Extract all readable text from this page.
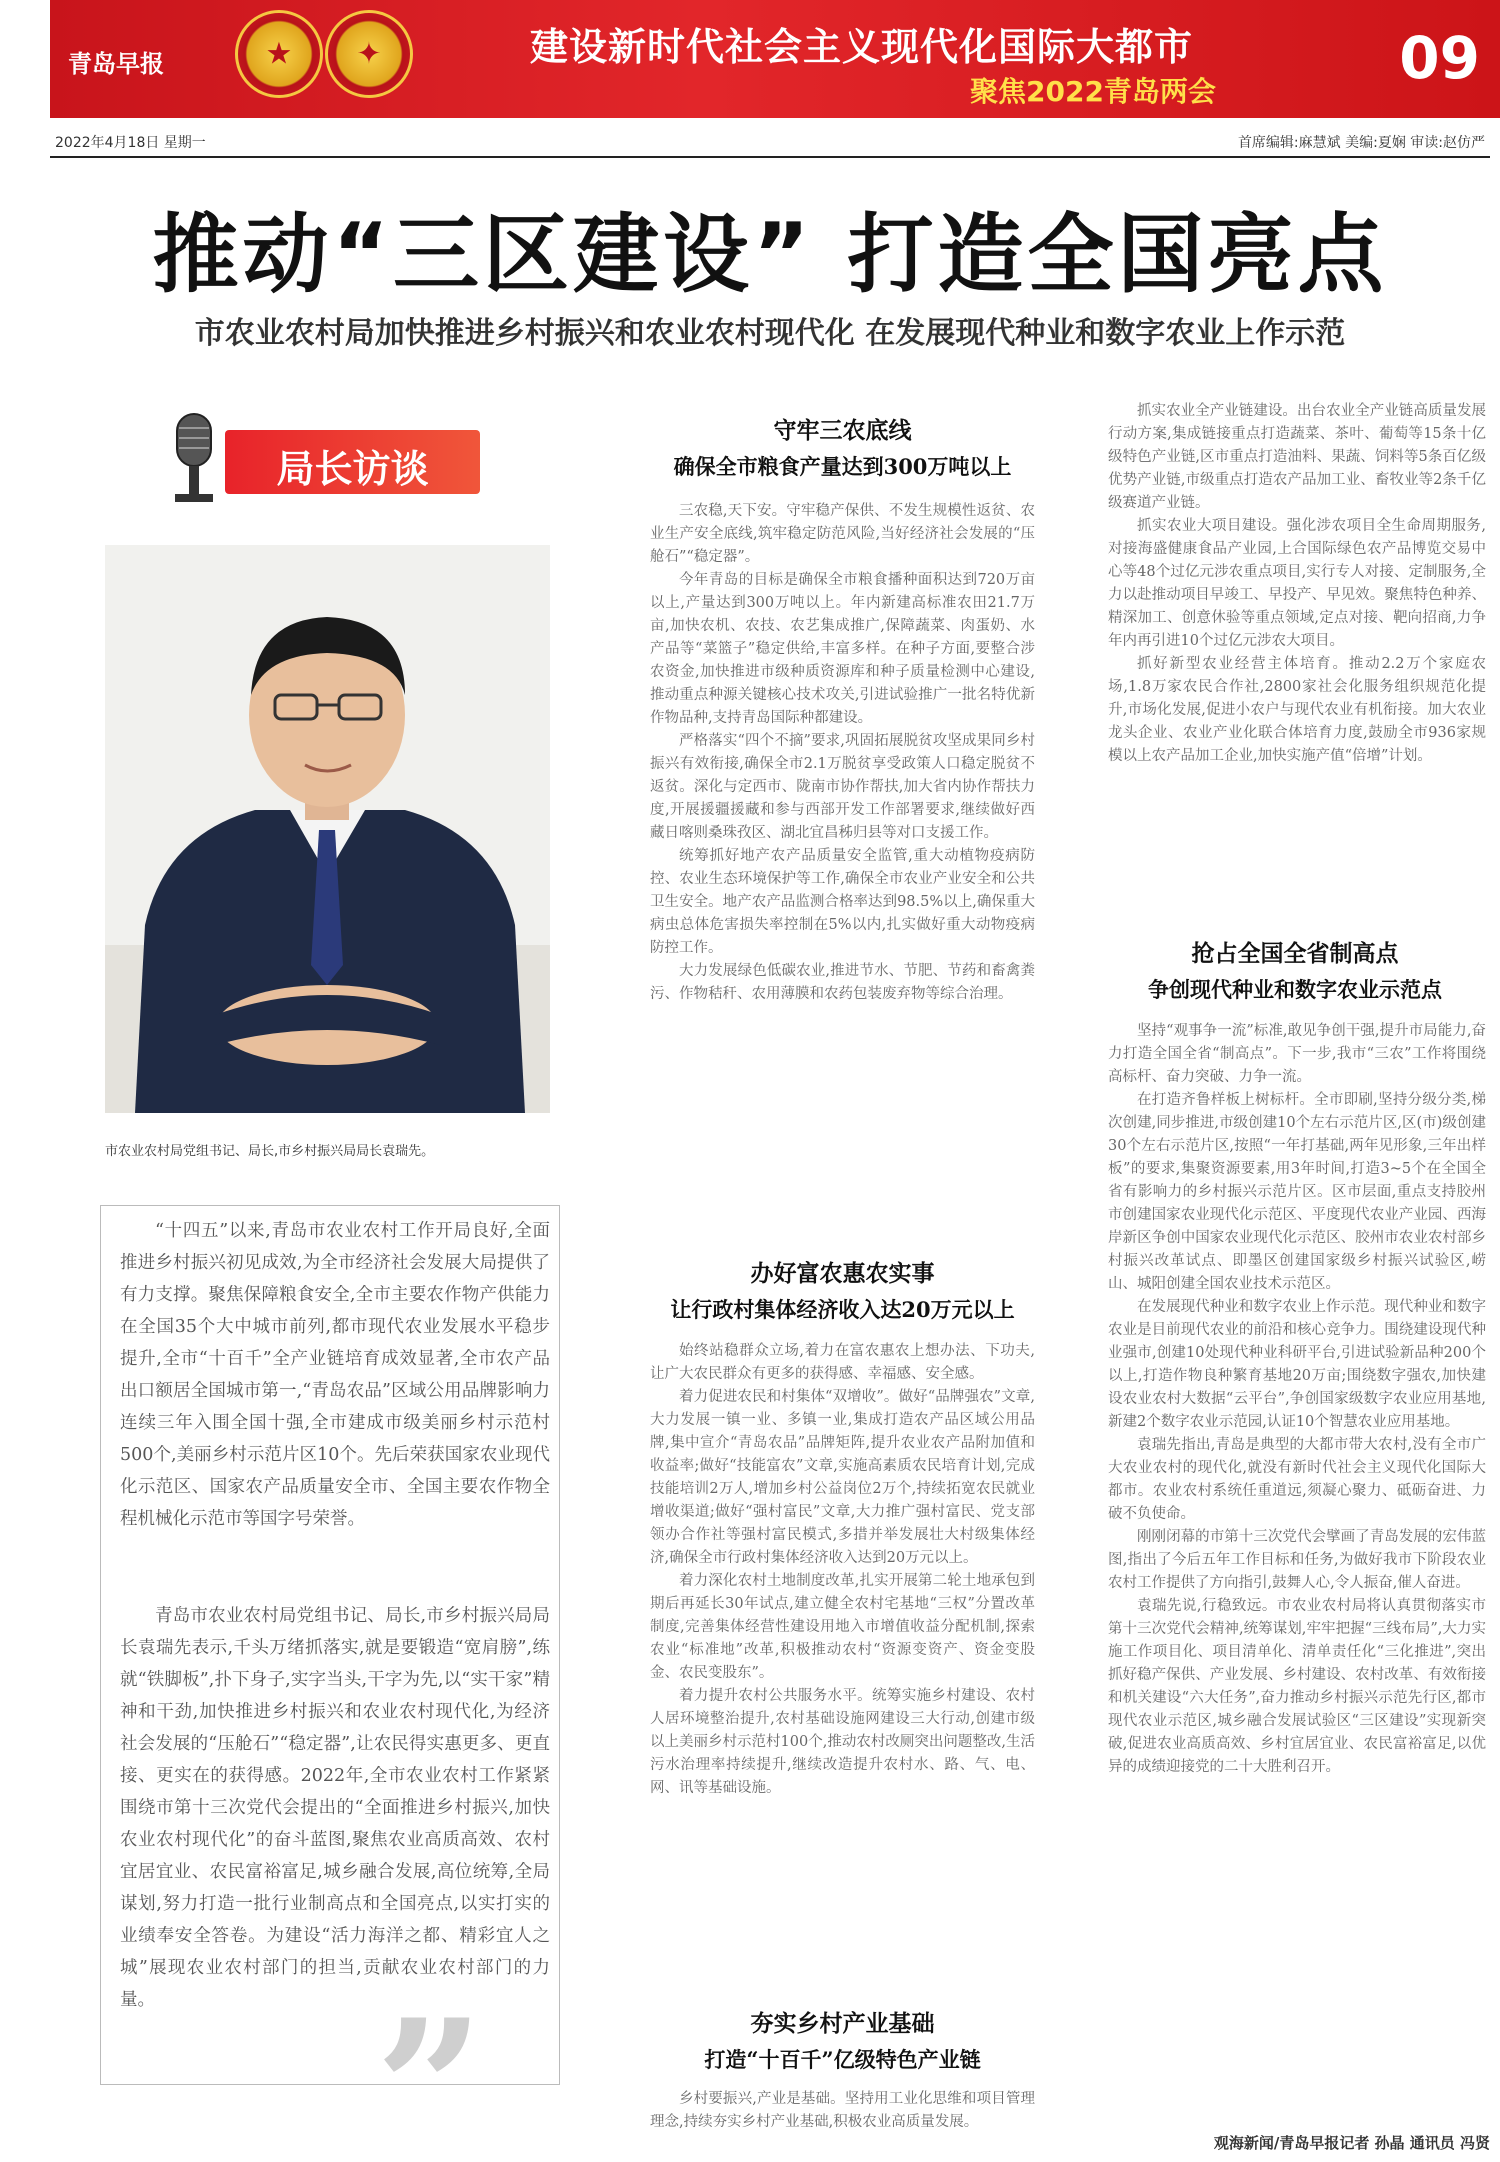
青岛早报	★ ✦	建设新时代社会主义现代化国际大都市
聚焦2022青岛两会	09
2022年4月18日 星期一	首席编辑:麻慧斌 美编:夏娴 审读:赵仿严
推动“三区建设” 打造全国亮点
市农业农村局加快推进乡村振兴和农业农村现代化 在发展现代种业和数字农业上作示范
局长访谈
市农业农村局党组书记、局长,市乡村振兴局局长袁瑞先。

“十四五”以来,青岛市农业农村工作开局良好,全面推进乡村振兴初见成效,为全市经济社会发展大局提供了有力支撑。聚焦保障粮食安全,全市主要农作物产供能力在全国35个大中城市前列,都市现代农业发展水平稳步提升,全市“十百千”全产业链培育成效显著,全市农产品出口额居全国城市第一,“青岛农品”区域公用品牌影响力连续三年入围全国十强,全市建成市级美丽乡村示范村500个,美丽乡村示范片区10个。先后荣获国家农业现代化示范区、国家农产品质量安全市、全国主要农作物全程机械化示范市等国字号荣誉。

青岛市农业农村局党组书记、局长,市乡村振兴局局长袁瑞先表示,千头万绪抓落实,就是要锻造“宽肩膀”,练就“铁脚板”,扑下身子,实字当头,干字为先,以“实干家”精神和干劲,加快推进乡村振兴和农业农村现代化,为经济社会发展的“压舱石”“稳定器”,让农民得实惠更多、更直接、更实在的获得感。2022年,全市农业农村工作紧紧围绕市第十三次党代会提出的“全面推进乡村振兴,加快农业农村现代化”的奋斗蓝图,聚焦农业高质高效、农村宜居宜业、农民富裕富足,城乡融合发展,高位统筹,全局谋划,努力打造一批行业制高点和全国亮点,以实打实的业绩奉安全答卷。为建设“活力海洋之都、精彩宜人之城”展现农业农村部门的担当,贡献农业农村部门的力量。	”
守牢三农底线
确保全市粮食产量达到300万吨以上

三农稳,天下安。守牢稳产保供、不发生规模性返贫、农业生产安全底线,筑牢稳定防范风险,当好经济社会发展的“压舱石”“稳定器”。

今年青岛的目标是确保全市粮食播种面积达到720万亩以上,产量达到300万吨以上。年内新建高标准农田21.7万亩,加快农机、农技、农艺集成推广,保障蔬菜、肉蛋奶、水产品等“菜篮子”稳定供给,丰富多样。在种子方面,要整合涉农资金,加快推进市级种质资源库和种子质量检测中心建设,推动重点种源关键核心技术攻关,引进试验推广一批名特优新作物品种,支持青岛国际种都建设。

严格落实“四个不摘”要求,巩固拓展脱贫攻坚成果同乡村振兴有效衔接,确保全市2.1万脱贫享受政策人口稳定脱贫不返贫。深化与定西市、陇南市协作帮扶,加大省内协作帮扶力度,开展援疆援藏和参与西部开发工作部署要求,继续做好西藏日喀则桑珠孜区、湖北宜昌秭归县等对口支援工作。

统筹抓好地产农产品质量安全监管,重大动植物疫病防控、农业生态环境保护等工作,确保全市农业产业安全和公共卫生安全。地产农产品监测合格率达到98.5%以上,确保重大病虫总体危害损失率控制在5%以内,扎实做好重大动物疫病防控工作。

大力发展绿色低碳农业,推进节水、节肥、节药和畜禽粪污、作物秸秆、农用薄膜和农药包装废弃物等综合治理。

办好富农惠农实事
让行政村集体经济收入达20万元以上

始终站稳群众立场,着力在富农惠农上想办法、下功夫,让广大农民群众有更多的获得感、幸福感、安全感。

着力促进农民和村集体“双增收”。做好“品牌强农”文章,大力发展一镇一业、多镇一业,集成打造农产品区域公用品牌,集中宣介“青岛农品”品牌矩阵,提升农业农产品附加值和收益率;做好“技能富农”文章,实施高素质农民培育计划,完成技能培训2万人,增加乡村公益岗位2万个,持续拓宽农民就业增收渠道;做好“强村富民”文章,大力推广强村富民、党支部领办合作社等强村富民模式,多措并举发展壮大村级集体经济,确保全市行政村集体经济收入达到20万元以上。

着力深化农村土地制度改革,扎实开展第二轮土地承包到期后再延长30年试点,建立健全农村宅基地“三权”分置改革制度,完善集体经营性建设用地入市增值收益分配机制,探索农业“标准地”改革,积极推动农村“资源变资产、资金变股金、农民变股东”。

着力提升农村公共服务水平。统筹实施乡村建设、农村人居环境整治提升,农村基础设施网建设三大行动,创建市级以上美丽乡村示范村100个,推动农村改厕突出问题整改,生活污水治理率持续提升,继续改造提升农村水、路、气、电、网、讯等基础设施。

夯实乡村产业基础
打造“十百千”亿级特色产业链

乡村要振兴,产业是基础。坚持用工业化思维和项目管理理念,持续夯实乡村产业基础,积极农业高质量发展。

抓实农业全产业链建设。出台农业全产业链高质量发展行动方案,集成链接重点打造蔬菜、茶叶、葡萄等15条十亿级特色产业链,区市重点打造油料、果蔬、饲料等5条百亿级优势产业链,市级重点打造农产品加工业、畜牧业等2条千亿级赛道产业链。

抓实农业大项目建设。强化涉农项目全生命周期服务,对接海盛健康食品产业园,上合国际绿色农产品博览交易中心等48个过亿元涉农重点项目,实行专人对接、定制服务,全力以赴推动项目早竣工、早投产、早见效。聚焦特色种养、精深加工、创意休验等重点领域,定点对接、靶向招商,力争年内再引进10个过亿元涉农大项目。

抓好新型农业经营主体培育。推动2.2万个家庭农场,1.8万家农民合作社,2800家社会化服务组织规范化提升,市场化发展,促进小农户与现代农业有机衔接。加大农业龙头企业、农业产业化联合体培育力度,鼓励全市936家规模以上农产品加工企业,加快实施产值“倍增”计划。

抢占全国全省制高点
争创现代种业和数字农业示范点

坚持“观事争一流”标准,敢见争创干强,提升市局能力,奋力打造全国全省“制高点”。下一步,我市“三农”工作将围绕高标杆、奋力突破、力争一流。

在打造齐鲁样板上树标杆。全市即刷,坚持分级分类,梯次创建,同步推进,市级创建10个左右示范片区,区(市)级创建30个左右示范片区,按照“一年打基础,两年见形象,三年出样板”的要求,集聚资源要素,用3年时间,打造3~5个在全国全省有影响力的乡村振兴示范片区。区市层面,重点支持胶州市创建国家农业现代化示范区、平度现代农业产业园、西海岸新区争创中国家农业现代化示范区、胶州市农业农村部乡村振兴改革试点、即墨区创建国家级乡村振兴试验区,崂山、城阳创建全国农业技术示范区。

在发展现代种业和数字农业上作示范。现代种业和数字农业是目前现代农业的前沿和核心竞争力。围绕建设现代种业强市,创建10处现代种业科研平台,引进试验新品种200个以上,打造作物良种繁育基地20万亩;围绕数字强农,加快建设农业农村大数据“云平台”,争创国家级数字农业应用基地,新建2个数字农业示范园,认证10个智慧农业应用基地。

袁瑞先指出,青岛是典型的大都市带大农村,没有全市广大农业农村的现代化,就没有新时代社会主义现代化国际大都市。农业农村系统任重道远,须凝心聚力、砥砺奋进、力破不负使命。

刚刚闭幕的市第十三次党代会擘画了青岛发展的宏伟蓝图,指出了今后五年工作目标和任务,为做好我市下阶段农业农村工作提供了方向指引,鼓舞人心,令人振奋,催人奋进。

袁瑞先说,行稳致远。市农业农村局将认真贯彻落实市第十三次党代会精神,统筹谋划,牢牢把握“三线布局”,大力实施工作项目化、项目清单化、清单责任化“三化推进”,突出抓好稳产保供、产业发展、乡村建设、农村改革、有效衔接和机关建设“六大任务”,奋力推动乡村振兴示范先行区,都市现代农业示范区,城乡融合发展试验区“三区建设”实现新突破,促进农业高质高效、乡村宜居宜业、农民富裕富足,以优异的成绩迎接党的二十大胜利召开。

观海新闻/青岛早报记者 孙晶 通讯员 冯贤
